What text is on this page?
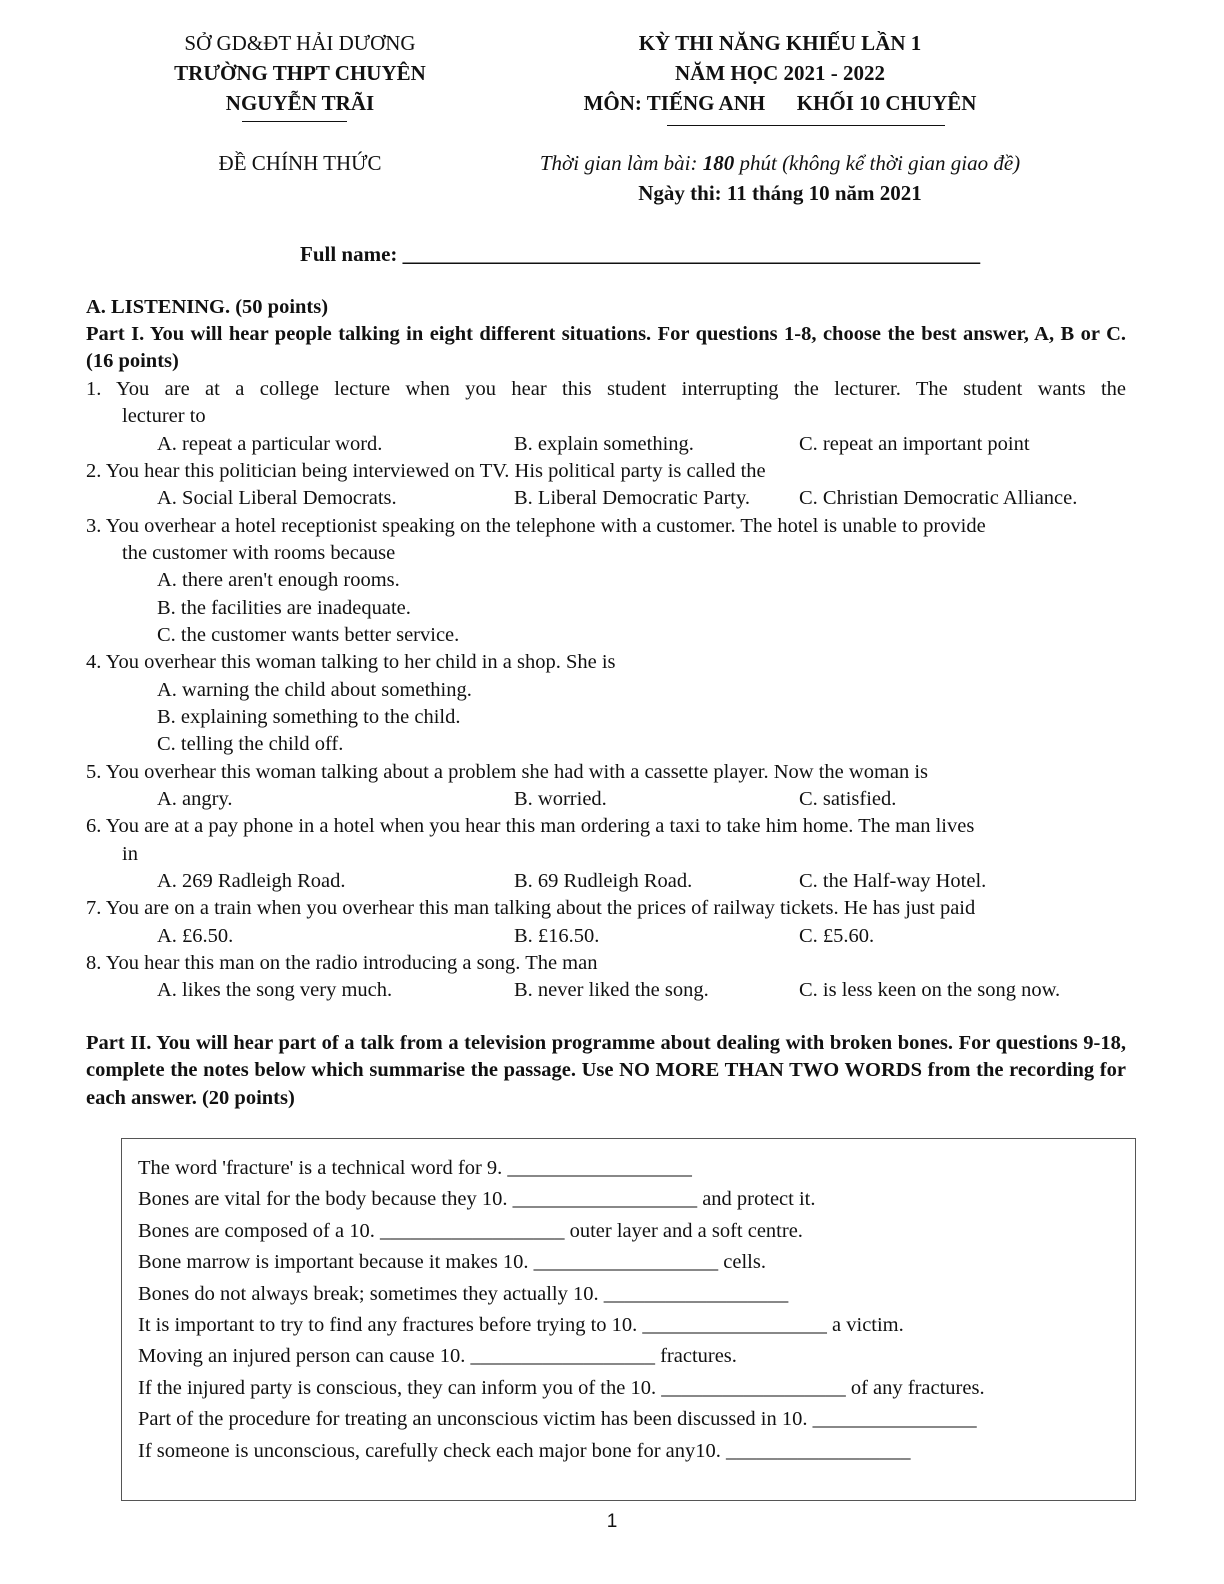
SỞ GD&ĐT HẢI DƯƠNG
TRƯỜNG THPT CHUYÊN
NGUYỄN TRÃI
ĐỀ CHÍNH THỨC
KỲ THI NĂNG KHIẾU LẦN 1
NĂM HỌC 2021 - 2022
MÔN: TIẾNG ANH      KHỐI 10 CHUYÊN
Thời gian làm bài: 180 phút (không kể thời gian giao đề)
Ngày thi: 11 tháng 10 năm 2021
Full name: _______________________________________________________
A. LISTENING. (50 points)
Part I. You will hear people talking in eight different situations. For questions 1-8, choose the best answer, A, B or C. (16 points)
1. You are at a college lecture when you hear this student interrupting the lecturer. The student wants the
lecturer to
A. repeat a particular word.	B. explain something.	C. repeat an important point
2. You hear this politician being interviewed on TV. His political party is called the
A. Social Liberal Democrats.	B. Liberal Democratic Party. C. Christian Democratic Alliance.
3. You overhear a hotel receptionist speaking on the telephone with a customer. The hotel is unable to provide
the customer with rooms because
A. there aren't enough rooms.
B. the facilities are inadequate.
C. the customer wants better service.
4. You overhear this woman talking to her child in a shop. She is
A. warning the child about something.
B. explaining something to the child.
C. telling the child off.
5. You overhear this woman talking about a problem she had with a cassette player. Now the woman is
A. angry.	B. worried.	C. satisfied.
6. You are at a pay phone in a hotel when you hear this man ordering a taxi to take him home. The man lives
in
A. 269 Radleigh Road.	B. 69 Rudleigh Road.	C. the Half-way Hotel.
7. You are on a train when you overhear this man talking about the prices of railway tickets. He has just paid
A. £6.50.	B. £16.50.	C. £5.60.
8. You hear this man on the radio introducing a song. The man
A. likes the song very much.	B. never liked the song.	C. is less keen on the song now.
Part II. You will hear part of a talk from a television programme about dealing with broken bones. For questions 9-18, complete the notes below which summarise the passage. Use NO MORE THAN TWO WORDS from the recording for each answer. (20 points)
The word 'fracture' is a technical word for 9. __________________
Bones are vital for the body because they 10. __________________ and protect it.
Bones are composed of a 10. __________________ outer layer and a soft centre.
Bone marrow is important because it makes 10. __________________ cells.
Bones do not always break; sometimes they actually 10. __________________
It is important to try to find any fractures before trying to 10. __________________ a victim.
Moving an injured person can cause 10. __________________ fractures.
If the injured party is conscious, they can inform you of the 10. __________________ of any fractures.
Part of the procedure for treating an unconscious victim has been discussed in 10. ________________
If someone is unconscious, carefully check each major bone for any10. __________________
1
